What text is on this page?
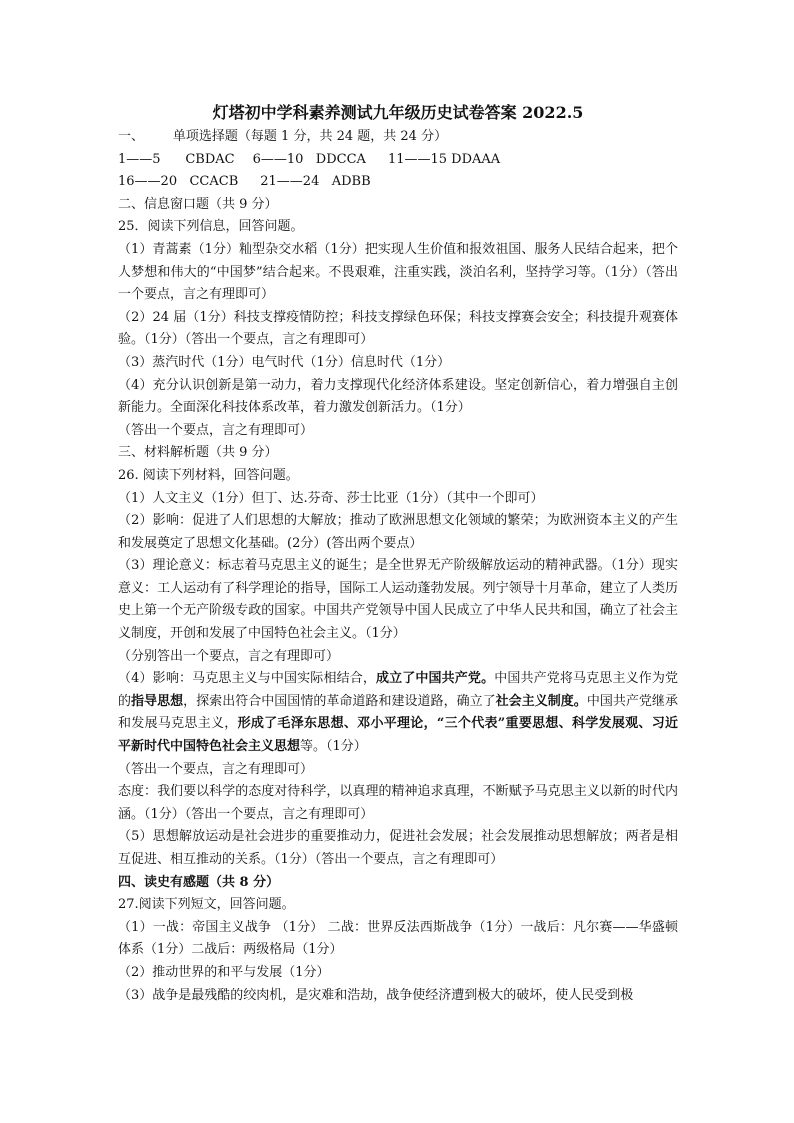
灯塔初中学科素养测试九年级历史试卷答案 2022.5
一、       单项选择题（每题 1 分，共 24 题，共 24 分）
1——5      CBDAC 6——10   DDCCA 11——15 DDAAA
16——20   CCACB 21——24   ADBB
二、信息窗口题（共 9 分）
25．阅读下列信息，回答问题。
（1）青蒿素（1分）籼型杂交水稻（1分）把实现人生价值和报效祖国、服务人民结合起来，把个人梦想和伟大的“中国梦”结合起来。不畏艰难，注重实践，淡泊名利，坚持学习等。（1分）（答出一个要点，言之有理即可）
（2）24 届（1分）科技支撑疫情防控；科技支撑绿色环保；科技支撑赛会安全；科技提升观赛体验。（1分）（答出一个要点，言之有理即可）
（3）蒸汽时代（1分）电气时代（1分）信息时代（1分）
（4）充分认识创新是第一动力，着力支撑现代化经济体系建设。坚定创新信心，着力增强自主创新能力。全面深化科技体系改革，着力激发创新活力。（1分）
（答出一个要点，言之有理即可）
三、材料解析题（共 9 分）
26. 阅读下列材料，回答问题。
（1）人文主义（1分）但丁、达.芬奇、莎士比亚（1分）（其中一个即可）
（2）影响：促进了人们思想的大解放；推动了欧洲思想文化领域的繁荣；为欧洲资本主义的产生和发展奠定了思想文化基础。(2分）(答出两个要点）
（3）理论意义：标志着马克思主义的诞生；是全世界无产阶级解放运动的精神武器。（1分）现实意义：工人运动有了科学理论的指导，国际工人运动蓬勃发展。列宁领导十月革命，建立了人类历史上第一个无产阶级专政的国家。中国共产党领导中国人民成立了中华人民共和国，确立了社会主义制度，开创和发展了中国特色社会主义。（1分）
（分别答出一个要点，言之有理即可）
（4）影响：马克思主义与中国实际相结合，成立了中国共产党。中国共产党将马克思主义作为党的指导思想，探索出符合中国国情的革命道路和建设道路，确立了社会主义制度。中国共产党继承和发展马克思主义，形成了毛泽东思想、邓小平理论，“三个代表”重要思想、科学发展观、习近平新时代中国特色社会主义思想等。（1分）
（答出一个要点，言之有理即可）
态度：我们要以科学的态度对待科学，以真理的精神追求真理，不断赋予马克思主义以新的时代内涵。（1分）（答出一个要点，言之有理即可）
（5）思想解放运动是社会进步的重要推动力，促进社会发展；社会发展推动思想解放；两者是相互促进、相互推动的关系。（1分）（答出一个要点，言之有理即可）
四、读史有感题（共 8 分）
27.阅读下列短文，回答问题。
（1）一战：帝国主义战争 （1分） 二战：世界反法西斯战争（1分）一战后：凡尔赛——华盛顿体系（1分）二战后：两级格局（1分）
（2）推动世界的和平与发展（1分）
（3）战争是最残酷的绞肉机，是灾难和浩劫，战争使经济遭到极大的破坏，使人民受到极
